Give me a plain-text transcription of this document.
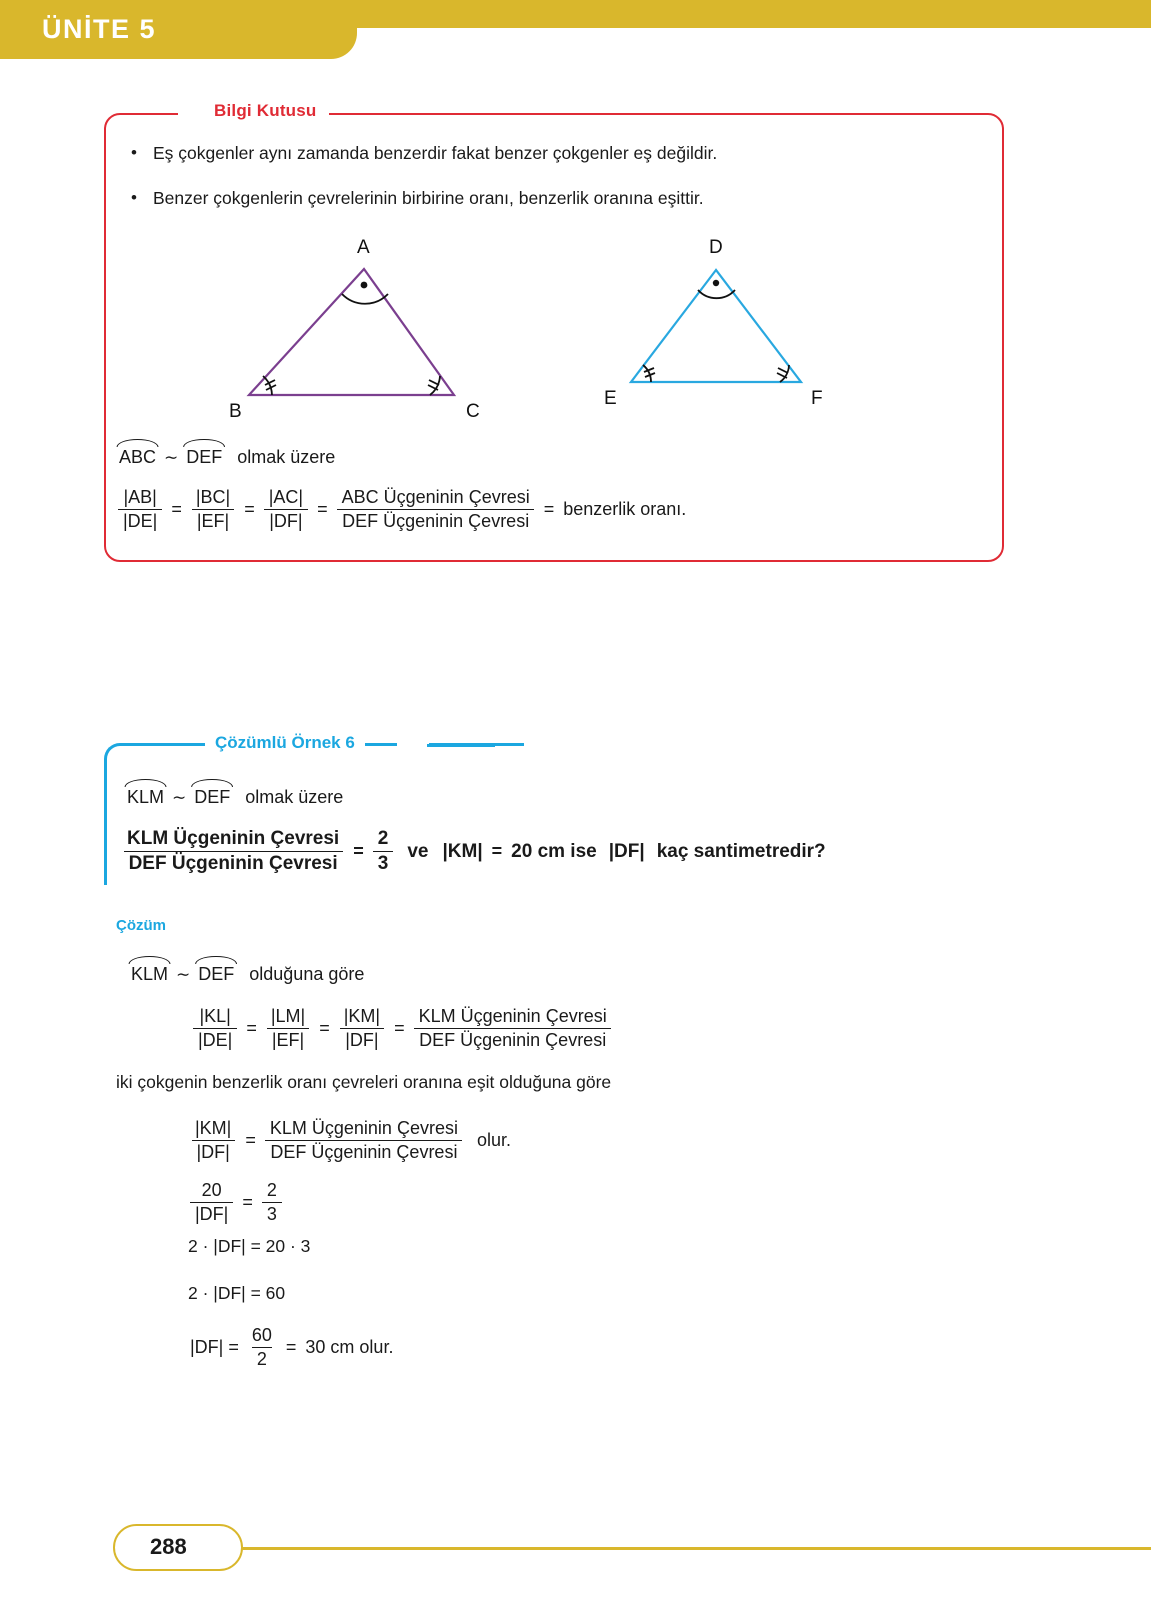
ÜNİTE 5
Bilgi Kutusu
• Eş çokgenler aynı zamanda benzerdir fakat benzer çokgenler eş değildir.
• Benzer çokgenlerin çevrelerinin birbirine oranı, benzerlik oranına eşittir.
A
B	C
D
E	F
ABC ∼ DEF olmak üzere
$\frac{|AB|}{|DE|} = \frac{|BC|}{|EF|} = \frac{|AC|}{|DF|} = \frac{\text{ABC Üçgeninin Çevresi}}{\text{DEF Üçgeninin Çevresi}}$ = benzerlik oranı.
Çözümlü Örnek 6
KLM ∼ DEF olmak üzere
$\frac{\text{KLM Üçgeninin Çevresi}}{\text{DEF Üçgeninin Çevresi}} = \frac{2}{3}$ ve |KM| = 20 cm ise |DF| kaç santimetredir?
Çözüm
KLM ∼ DEF olduğuna göre
$\frac{|KL|}{|DE|} = \frac{|LM|}{|EF|} = \frac{|KM|}{|DF|} = \frac{\text{KLM Üçgeninin Çevresi}}{\text{DEF Üçgeninin Çevresi}}$
iki çokgenin benzerlik oranı çevreleri oranına eşit olduğuna göre
$\frac{|KM|}{|DF|} = \frac{\text{KLM Üçgeninin Çevresi}}{\text{DEF Üçgeninin Çevresi}}$ olur.
$\frac{20}{|DF|} = \frac{2}{3}$
2 · |DF| = 20 · 3
2 · |DF| = 60
$|DF| = \frac{60}{2} = 30$ cm olur.
288
